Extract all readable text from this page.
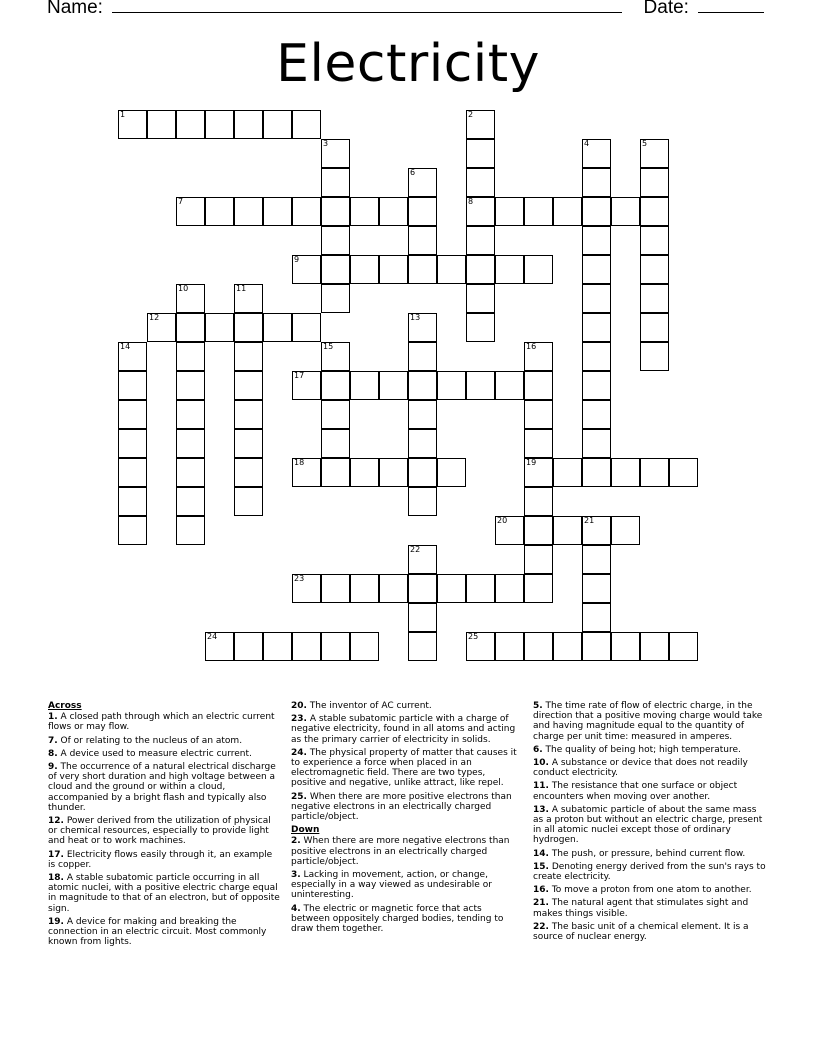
Name:	Date:
Electricity
1	2
8
3	4	5
6
7
9
10	11
12	13
14	15	16
19
17
18
20	21
22
23
24	25

Across

1. A closed path through which an electric current flows or may flow.

7. Of or relating to the nucleus of an atom.

8. A device used to measure electric current.

9. The occurrence of a natural electrical discharge of very short duration and high voltage between a cloud and the ground or within a cloud, accompanied by a bright flash and typically also thunder.

12. Power derived from the utilization of physical or chemical resources, especially to provide light and heat or to work machines.

17. Electricity flows easily through it, an example is copper.

18. A stable subatomic particle occurring in all atomic nuclei, with a positive electric charge equal in magnitude to that of an electron, but of opposite sign.

19. A device for making and breaking the connection in an electric circuit. Most commonly known from lights.

20. The inventor of AC current.

23. A stable subatomic particle with a charge of negative electricity, found in all atoms and acting as the primary carrier of electricity in solids.

24. The physical property of matter that causes it to experience a force when placed in an electromagnetic field. There are two types, positive and negative, unlike attract, like repel.

25. When there are more positive electrons than negative electrons in an electrically charged particle/object.

Down

2. When there are more negative electrons than positive electrons in an electrically charged particle/object.

3. Lacking in movement, action, or change, especially in a way viewed as undesirable or uninteresting.

4. The electric or magnetic force that acts between oppositely charged bodies, tending to draw them together.

5. The time rate of flow of electric charge, in the direction that a positive moving charge would take and having magnitude equal to the quantity of charge per unit time: measured in amperes.

6. The quality of being hot; high temperature.

10. A substance or device that does not readily conduct electricity.

11. The resistance that one surface or object encounters when moving over another.

13. A subatomic particle of about the same mass as a proton but without an electric charge, present in all atomic nuclei except those of ordinary hydrogen.

14. The push, or pressure, behind current flow.

15. Denoting energy derived from the sun's rays to create electricity.

16. To move a proton from one atom to another.

21. The natural agent that stimulates sight and makes things visible.

22. The basic unit of a chemical element. It is a source of nuclear energy.
